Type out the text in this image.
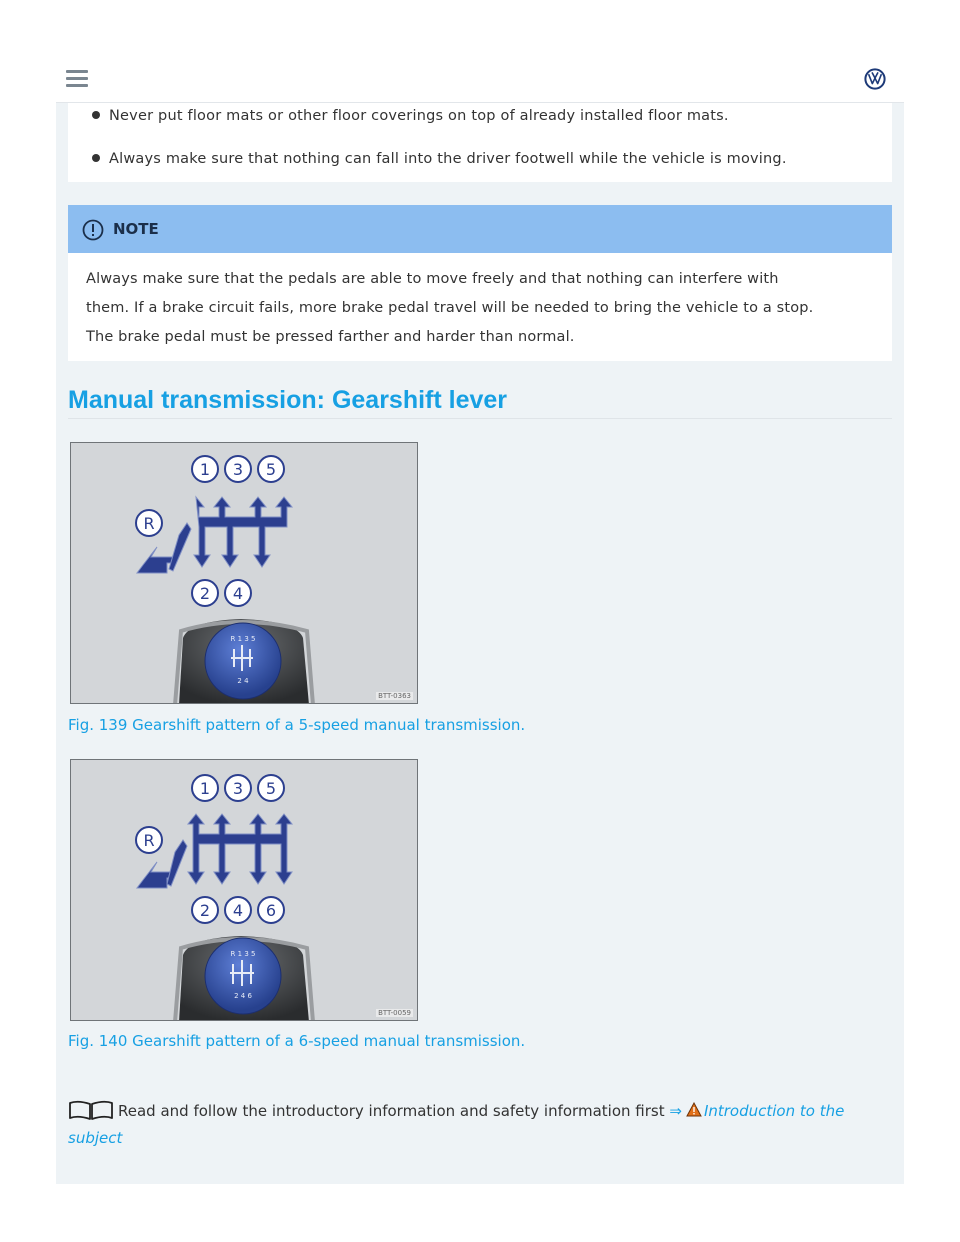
Never put floor mats or other floor coverings on top of already installed floor mats.
Always make sure that nothing can fall into the driver footwell while the vehicle is moving.
NOTE
Always make sure that the pedals are able to move freely and that nothing can interfere with
them. If a brake circuit fails, more brake pedal travel will be needed to bring the vehicle to a stop.
The brake pedal must be pressed farther and harder than normal.
Manual transmission: Gearshift lever
1 3 5
R
2 4
R 1 3 5
2 4
BTT-0363
Fig. 139 Gearshift pattern of a 5-speed manual transmission.
1 3 5
R
2 4 6
R 1 3 5
2 4 6
BTT-0059
Fig. 140 Gearshift pattern of a 6-speed manual transmission.
Read and follow the introductory information and safety information first ⇒ Introduction to the subject
